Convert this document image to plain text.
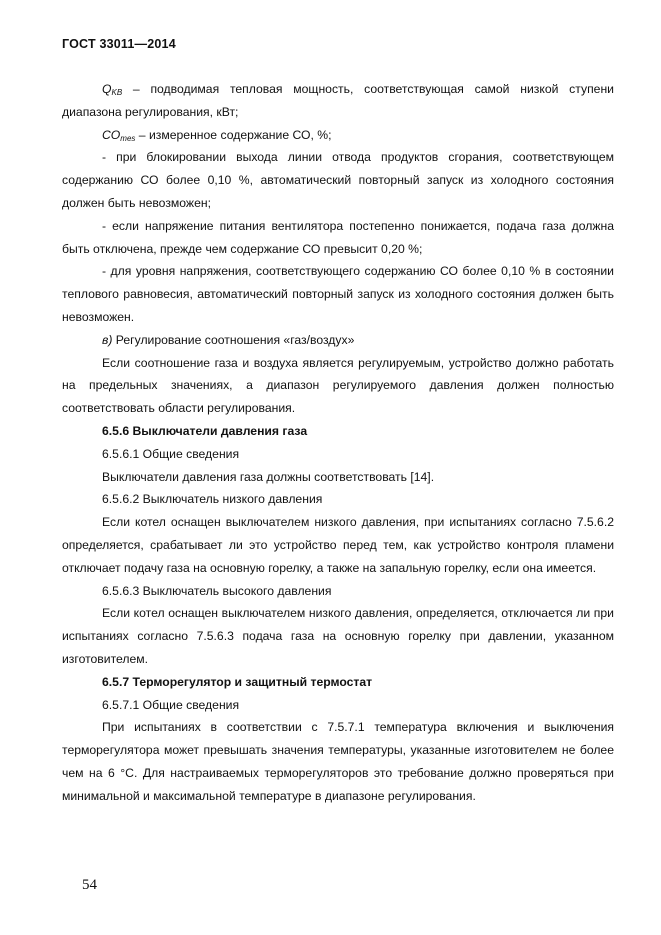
ГОСТ 33011—2014

$Q_{KB}$ – подводимая тепловая мощность, соответствующая самой низкой ступени диапазона регулирования, кВт;

$CO_{mes}$ – измеренное содержание СО, %;

- при блокировании выхода линии отвода продуктов сгорания, соответствующем содержанию СО более 0,10 %, автоматический повторный запуск из холодного состояния должен быть невозможен;

- если напряжение питания вентилятора постепенно понижается, подача газа должна быть отключена, прежде чем содержание СО превысит 0,20 %;

- для уровня напряжения, соответствующего содержанию СО более 0,10 % в состоянии теплового равновесия, автоматический повторный запуск из холодного состояния должен быть невозможен.

в) Регулирование соотношения «газ/воздух»

Если соотношение газа и воздуха является регулируемым, устройство должно работать на предельных значениях, а диапазон регулируемого давления должен полностью соответствовать области регулирования.

6.5.6 Выключатели давления газа

6.5.6.1 Общие сведения

Выключатели давления газа должны соответствовать [14].

6.5.6.2 Выключатель низкого давления

Если котел оснащен выключателем низкого давления, при испытаниях согласно 7.5.6.2 определяется, срабатывает ли это устройство перед тем, как устройство контроля пламени отключает подачу газа на основную горелку, а также на запальную горелку, если она имеется.

6.5.6.3 Выключатель высокого давления

Если котел оснащен выключателем низкого давления, определяется, отключается ли при испытаниях согласно 7.5.6.3 подача газа на основную горелку при давлении, указанном изготовителем.

6.5.7 Терморегулятор и защитный термостат

6.5.7.1 Общие сведения

При испытаниях в соответствии с 7.5.7.1 температура включения и выключения терморегулятора может превышать значения температуры, указанные изготовителем не более чем на 6 °С. Для настраиваемых терморегуляторов это требование должно проверяться при минимальной и максимальной температуре в диапазоне регулирования.

54
